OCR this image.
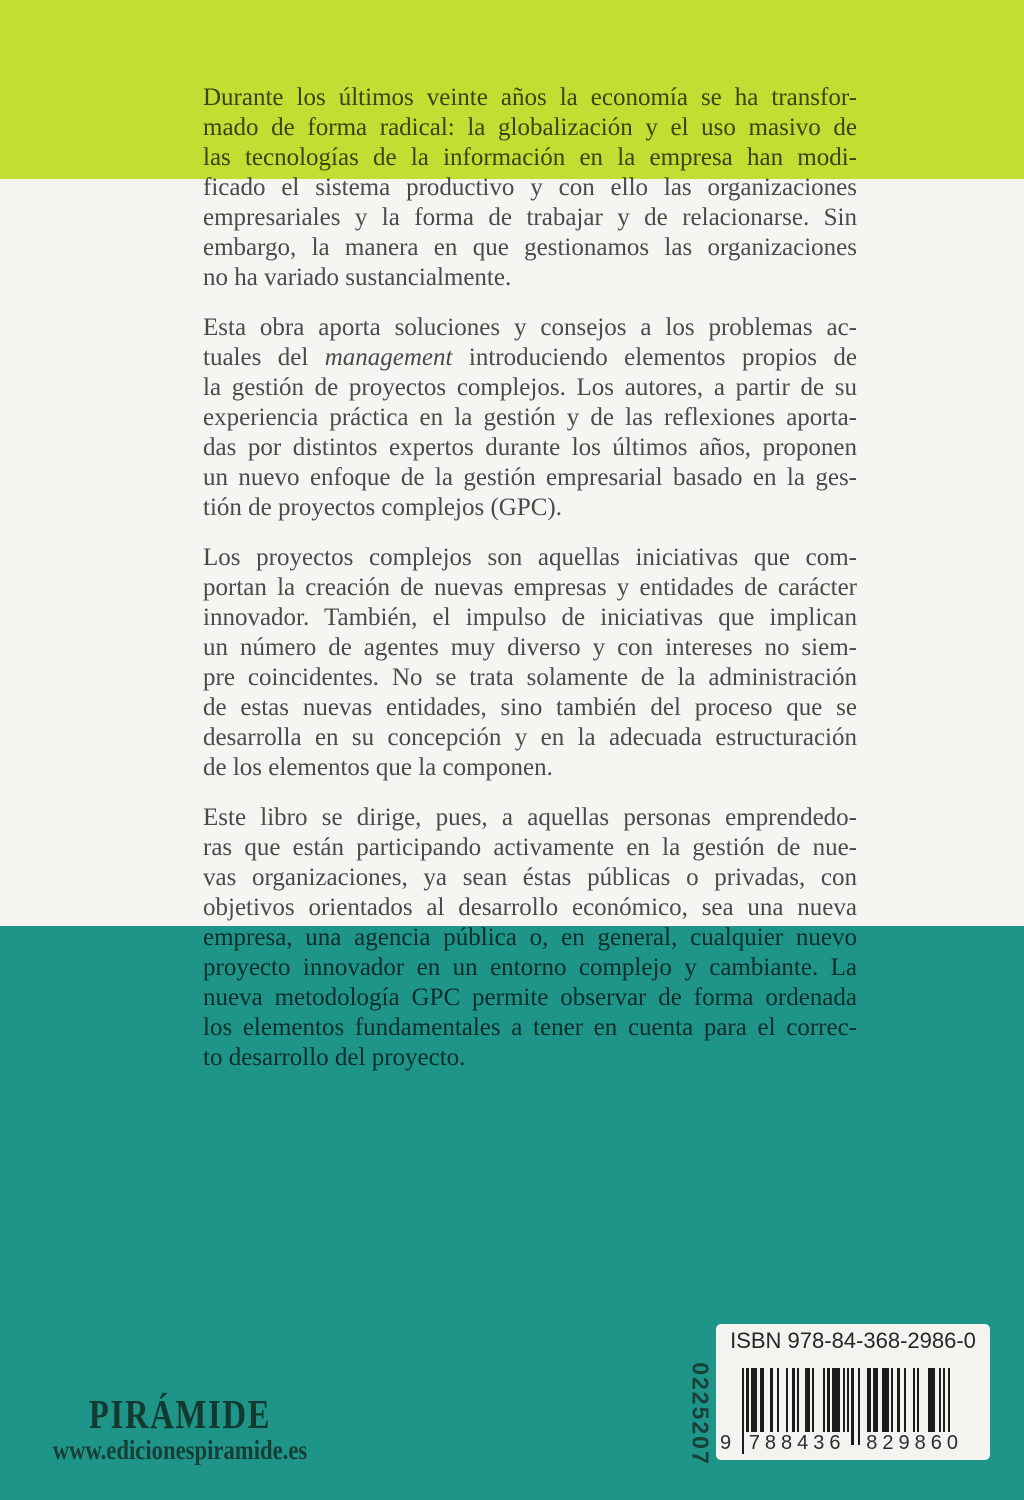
Durante los últimos veinte años la economía se ha transfor-
mado de forma radical: la globalización y el uso masivo de
las tecnologías de la información en la empresa han modi-
ficado el sistema productivo y con ello las organizaciones
empresariales y la forma de trabajar y de relacionarse. Sin
embargo, la manera en que gestionamos las organizaciones
no ha variado sustancialmente.
Esta obra aporta soluciones y consejos a los problemas ac-
tuales del management introduciendo elementos propios de
la gestión de proyectos complejos. Los autores, a partir de su
experiencia práctica en la gestión y de las reflexiones aporta-
das por distintos expertos durante los últimos años, proponen
un nuevo enfoque de la gestión empresarial basado en la ges-
tión de proyectos complejos (GPC).
Los proyectos complejos son aquellas iniciativas que com-
portan la creación de nuevas empresas y entidades de carácter
innovador. También, el impulso de iniciativas que implican
un número de agentes muy diverso y con intereses no siem-
pre coincidentes. No se trata solamente de la administración
de estas nuevas entidades, sino también del proceso que se
desarrolla en su concepción y en la adecuada estructuración
de los elementos que la componen.
Este libro se dirige, pues, a aquellas personas emprendedo-
ras que están participando activamente en la gestión de nue-
vas organizaciones, ya sean éstas públicas o privadas, con
objetivos orientados al desarrollo económico, sea una nueva
empresa, una agencia pública o, en general, cualquier nuevo
proyecto innovador en un entorno complejo y cambiante. La
nueva metodología GPC permite observar de forma ordenada
los elementos fundamentales a tener en cuenta para el correc-
to desarrollo del proyecto.
PIRÁMIDE
www.edicionespiramide.es	0225207
ISBN 978-84-368-2986-0
9 788436 829860
